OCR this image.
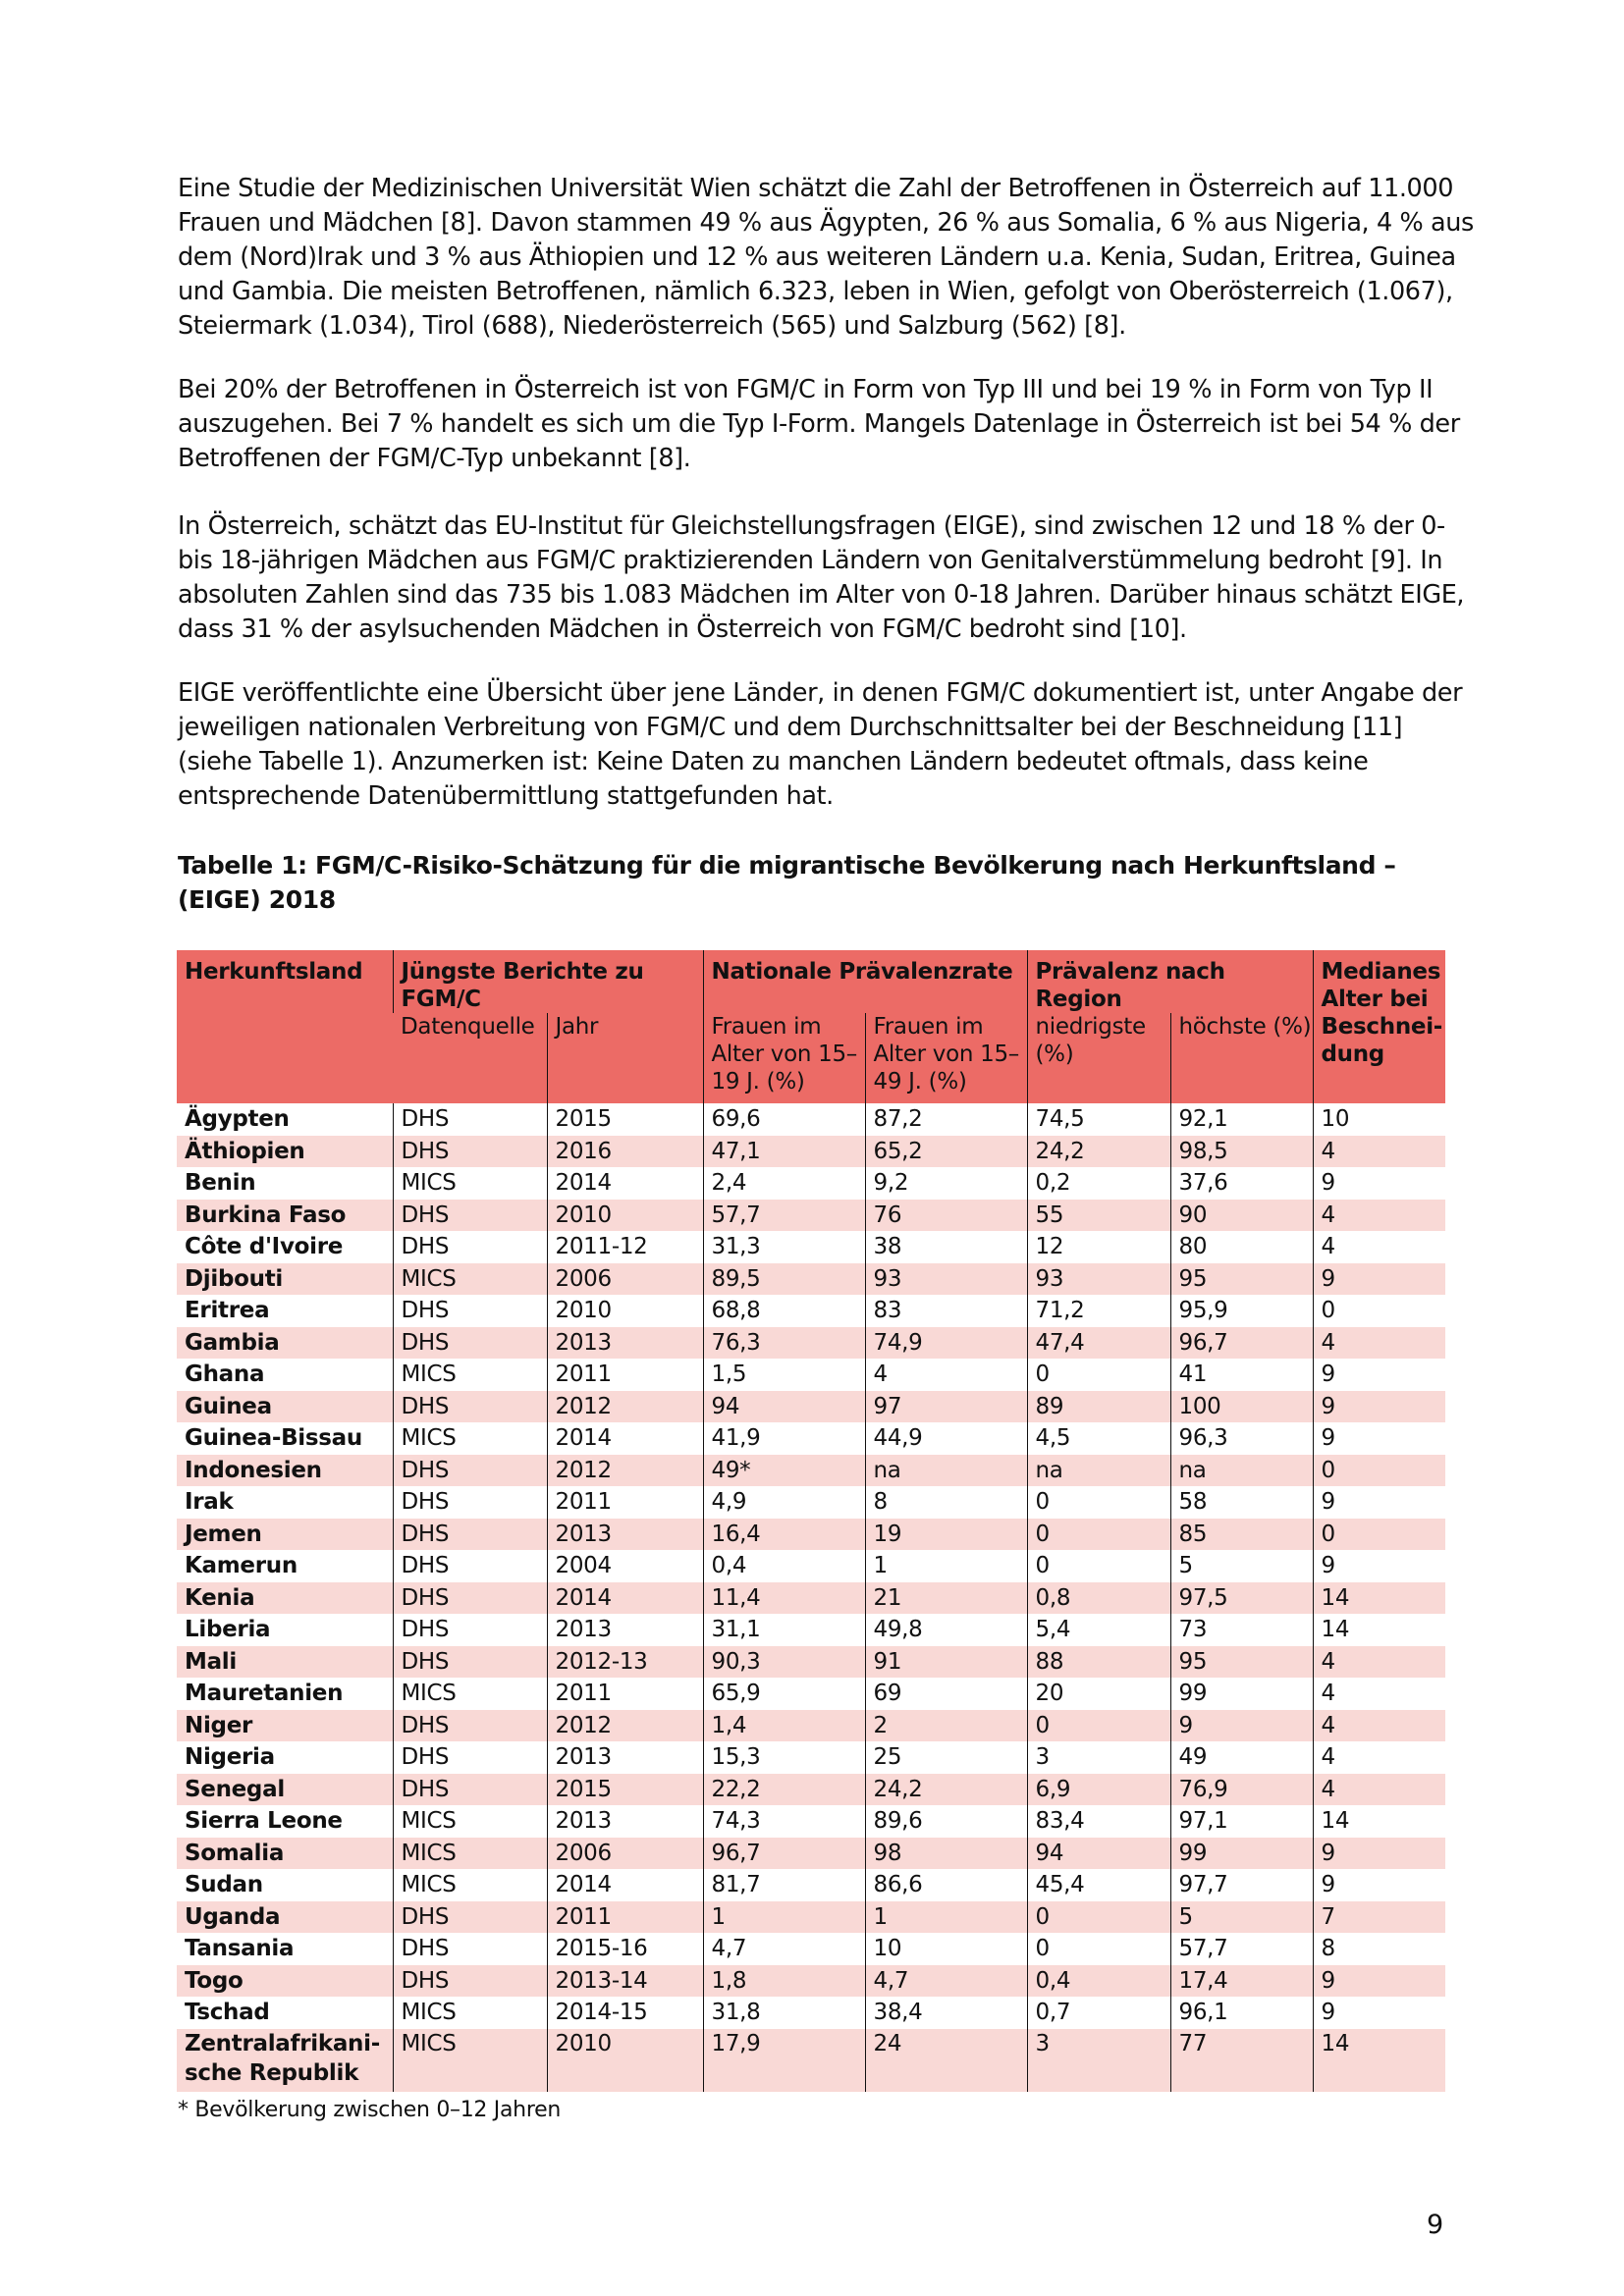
Eine Studie der Medizinischen Universität Wien schätzt die Zahl der Betroffenen in Österreich auf 11.000 Frauen und Mädchen [8]. Davon stammen 49 % aus Ägypten, 26 % aus Somalia, 6 % aus Nigeria, 4 % aus dem (Nord)Irak und 3 % aus Äthiopien und 12 % aus weiteren Ländern u.a. Kenia, Sudan, Eritrea, Guinea und Gambia. Die meisten Betroffenen, nämlich 6.323, leben in Wien, gefolgt von Oberösterreich (1.067), Steiermark (1.034), Tirol (688), Niederösterreich (565) und Salzburg (562) [8].

Bei 20% der Betroffenen in Österreich ist von FGM/C in Form von Typ III und bei 19 % in Form von Typ II auszugehen. Bei 7 % handelt es sich um die Typ I-Form. Mangels Datenlage in Österreich ist bei 54 % der Betroffenen der FGM/C-Typ unbekannt [8].

In Österreich, schätzt das EU-Institut für Gleichstellungsfragen (EIGE), sind zwischen 12 und 18 % der 0- bis 18-jährigen Mädchen aus FGM/C praktizierenden Ländern von Genitalverstümmelung bedroht [9]. In absoluten Zahlen sind das 735 bis 1.083 Mädchen im Alter von 0-18 Jahren. Darüber hinaus schätzt EIGE, dass 31 % der asylsuchenden Mädchen in Österreich von FGM/C bedroht sind [10].

EIGE veröffentlichte eine Übersicht über jene Länder, in denen FGM/C dokumentiert ist, unter Angabe der jeweiligen nationalen Verbreitung von FGM/C und dem Durchschnittsalter bei der Beschneidung [11] (siehe Tabelle 1). Anzumerken ist: Keine Daten zu manchen Ländern bedeutet oftmals, dass keine entsprechende Datenübermittlung stattgefunden hat.

Tabelle 1: FGM/C-Risiko-Schätzung für die migrantische Bevölkerung nach Herkunftsland – (EIGE) 2018

Herkunftsland	Jüngste Berichte zu FGM/C		Nationale Prävalenzrate		Prävalenz nach Region		Medianes Alter bei Beschnei-
dung
	Datenquelle	Jahr	Frauen im Alter von 15–19 J. (%)	Frauen im Alter von 15–49 J. (%)	niedrigste (%)	höchste (%)	
Ägypten	DHS	2015	69,6	87,2	74,5	92,1	10
Äthiopien	DHS	2016	47,1	65,2	24,2	98,5	4
Benin	MICS	2014	2,4	9,2	0,2	37,6	9
Burkina Faso	DHS	2010	57,7	76	55	90	4
Côte d'Ivoire	DHS	2011-12	31,3	38	12	80	4
Djibouti	MICS	2006	89,5	93	93	95	9
Eritrea	DHS	2010	68,8	83	71,2	95,9	0
Gambia	DHS	2013	76,3	74,9	47,4	96,7	4
Ghana	MICS	2011	1,5	4	0	41	9
Guinea	DHS	2012	94	97	89	100	9
Guinea-Bissau	MICS	2014	41,9	44,9	4,5	96,3	9
Indonesien	DHS	2012	49*	na	na	na	0
Irak	DHS	2011	4,9	8	0	58	9
Jemen	DHS	2013	16,4	19	0	85	0
Kamerun	DHS	2004	0,4	1	0	5	9
Kenia	DHS	2014	11,4	21	0,8	97,5	14
Liberia	DHS	2013	31,1	49,8	5,4	73	14
Mali	DHS	2012-13	90,3	91	88	95	4
Mauretanien	MICS	2011	65,9	69	20	99	4
Niger	DHS	2012	1,4	2	0	9	4
Nigeria	DHS	2013	15,3	25	3	49	4
Senegal	DHS	2015	22,2	24,2	6,9	76,9	4
Sierra Leone	MICS	2013	74,3	89,6	83,4	97,1	14
Somalia	MICS	2006	96,7	98	94	99	9
Sudan	MICS	2014	81,7	86,6	45,4	97,7	9
Uganda	DHS	2011	1	1	0	5	7
Tansania	DHS	2015-16	4,7	10	0	57,7	8
Togo	DHS	2013-14	1,8	4,7	0,4	17,4	9
Tschad	MICS	2014-15	31,8	38,4	0,7	96,1	9
Zentralafrikani-
sche Republik	MICS	2010	17,9	24	3	77	14
* Bevölkerung zwischen 0–12 Jahren
9
